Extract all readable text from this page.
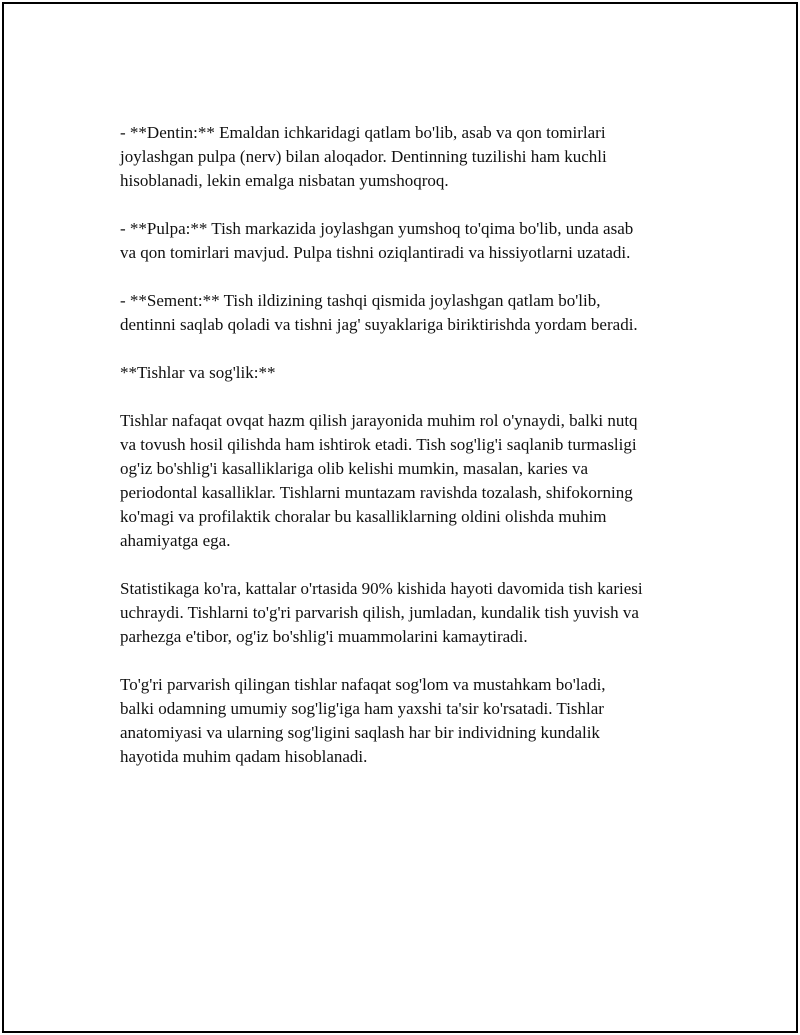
- **Dentin:** Emaldan ichkaridagi qatlam bo'lib, asab va qon tomirlari
joylashgan pulpa (nerv) bilan aloqador. Dentinning tuzilishi ham kuchli
hisoblanadi, lekin emalga nisbatan yumshoqroq.

- **Pulpa:** Tish markazida joylashgan yumshoq to'qima bo'lib, unda asab
va qon tomirlari mavjud. Pulpa tishni oziqlantiradi va hissiyotlarni uzatadi.

- **Sement:** Tish ildizining tashqi qismida joylashgan qatlam bo'lib,
dentinni saqlab qoladi va tishni jag' suyaklariga biriktirishda yordam beradi.

**Tishlar va sog'lik:**

Tishlar nafaqat ovqat hazm qilish jarayonida muhim rol o'ynaydi, balki nutq
va tovush hosil qilishda ham ishtirok etadi. Tish sog'lig'i saqlanib turmasligi
og'iz bo'shlig'i kasalliklariga olib kelishi mumkin, masalan, karies va
periodontal kasalliklar. Tishlarni muntazam ravishda tozalash, shifokorning
ko'magi va profilaktik choralar bu kasalliklarning oldini olishda muhim
ahamiyatga ega.

Statistikaga ko'ra, kattalar o'rtasida 90% kishida hayoti davomida tish kariesi
uchraydi. Tishlarni to'g'ri parvarish qilish, jumladan, kundalik tish yuvish va
parhezga e'tibor, og'iz bo'shlig'i muammolarini kamaytiradi.

To'g'ri parvarish qilingan tishlar nafaqat sog'lom va mustahkam bo'ladi,
balki odamning umumiy sog'lig'iga ham yaxshi ta'sir ko'rsatadi. Tishlar
anatomiyasi va ularning sog'ligini saqlash har bir individning kundalik
hayotida muhim qadam hisoblanadi.
